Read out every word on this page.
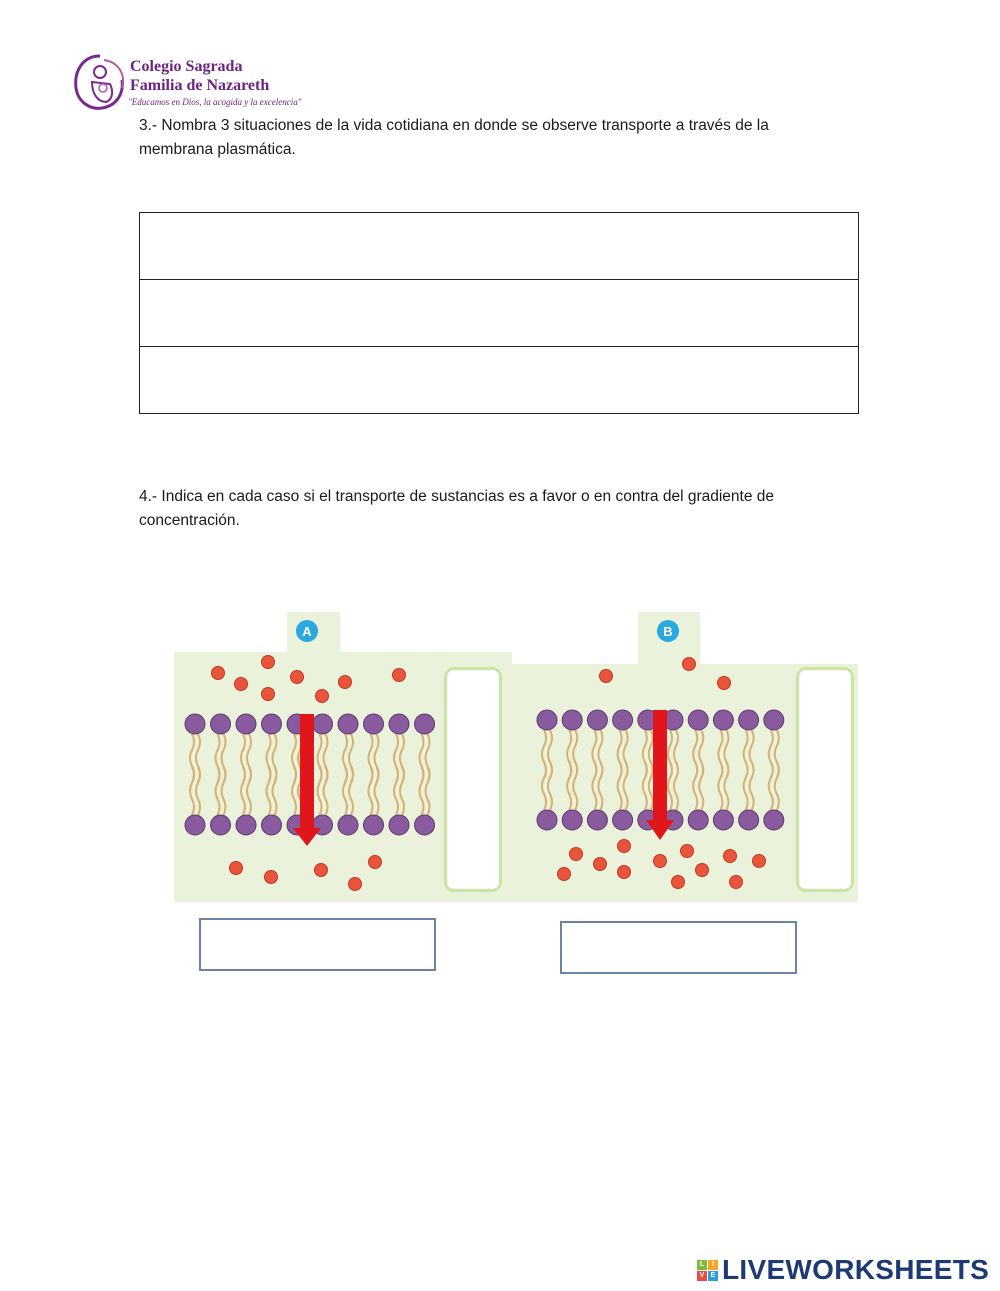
Colegio Sagrada
Familia de Nazareth
"Educamos en Dios, la acogida y la excelencia"
3.- Nombra 3 situaciones de la vida cotidiana en donde se observe transporte a través de la membrana plasmática.
4.- Indica en cada caso si el transporte de sustancias es a favor o en contra del gradiente de concentración.
A	B
L	I
V E LIVEWORKSHEETS
